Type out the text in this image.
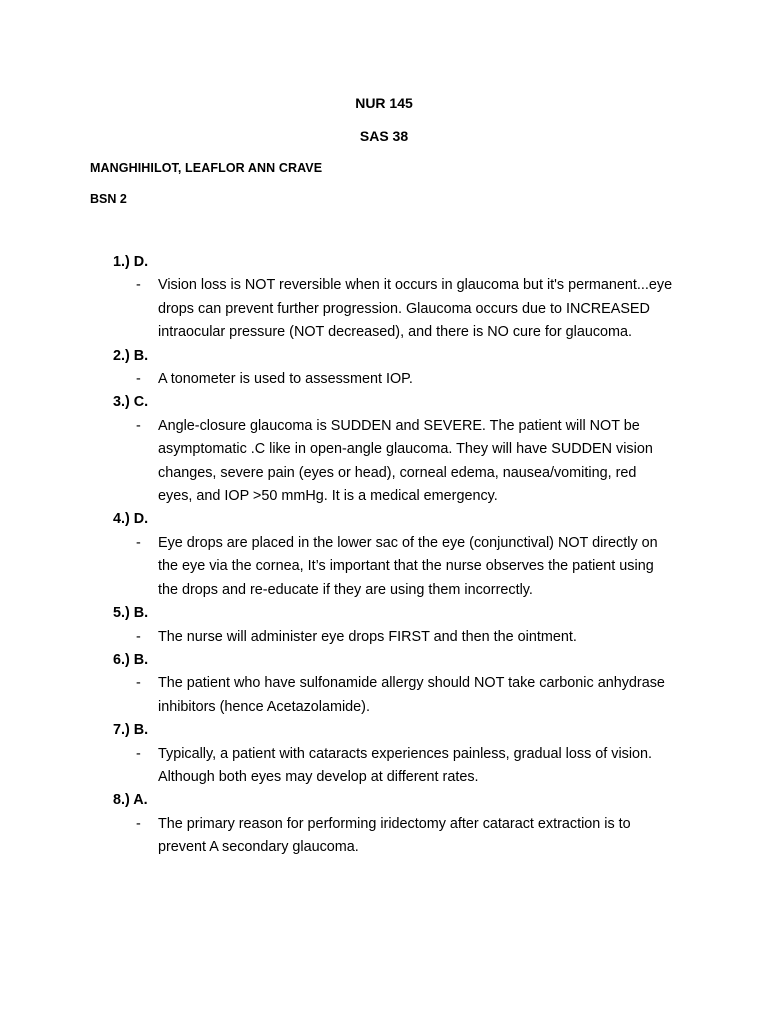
NUR 145
SAS 38
MANGHIHILOT, LEAFLOR ANN CRAVE
BSN 2
1.) D.
- Vision loss is NOT reversible when it occurs in glaucoma but it's permanent...eye drops can prevent further progression. Glaucoma occurs due to INCREASED intraocular pressure (NOT decreased), and there is NO cure for glaucoma.
2.) B.
- A tonometer is used to assessment IOP.
3.) C.
- Angle-closure glaucoma is SUDDEN and SEVERE. The patient will NOT be asymptomatic .C like in open-angle glaucoma. They will have SUDDEN vision changes, severe pain (eyes or head), corneal edema, nausea/vomiting, red eyes, and IOP >50 mmHg. It is a medical emergency.
4.) D.
- Eye drops are placed in the lower sac of the eye (conjunctival) NOT directly on the eye via the cornea, It’s important that the nurse observes the patient using the drops and re-educate if they are using them incorrectly.
5.) B.
- The nurse will administer eye drops FIRST and then the ointment.
6.) B.
- The patient who have sulfonamide allergy should NOT take carbonic anhydrase inhibitors (hence Acetazolamide).
7.) B.
- Typically, a patient with cataracts experiences painless, gradual loss of vision. Although both eyes may develop at different rates.
8.) A.
- The primary reason for performing iridectomy after cataract extraction is to prevent A secondary glaucoma.
